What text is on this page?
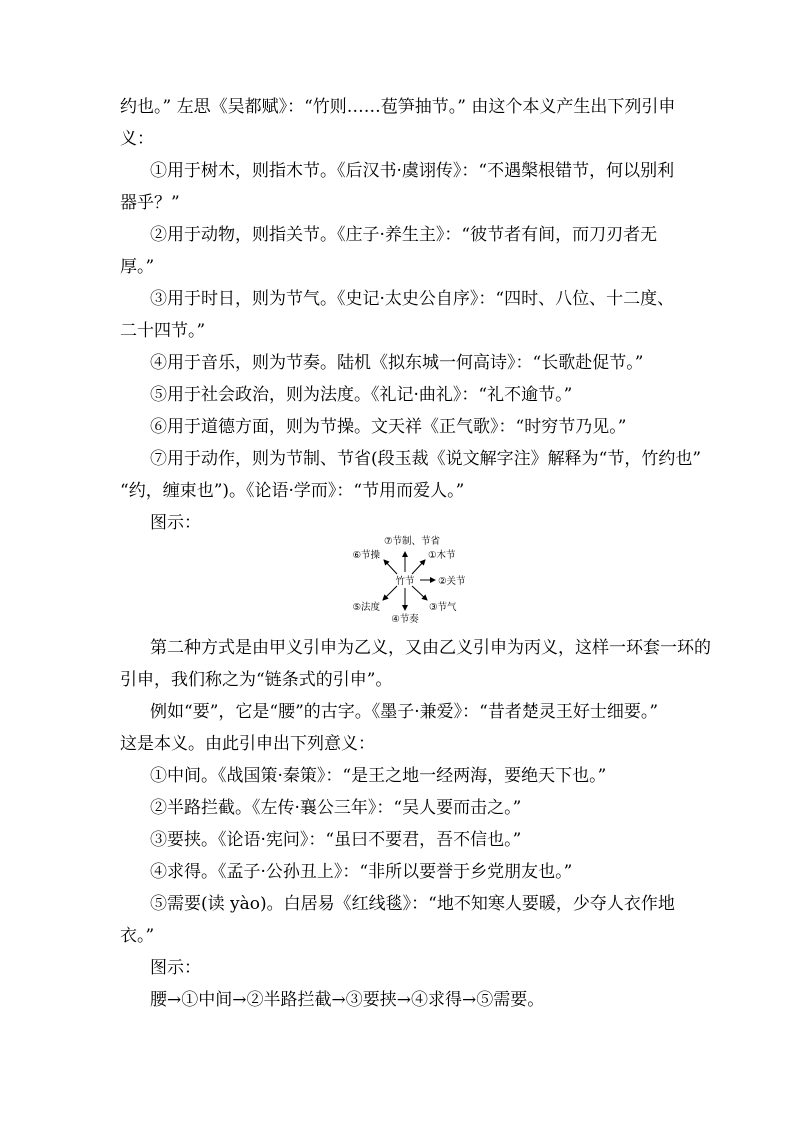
约也。” 左思《吴都赋》：“竹则……苞笋抽节。” 由这个本义产生出下列引申
义：
①用于树木，则指木节。《后汉书·虞诩传》：“不遇槃根错节，何以别利
器乎？”
②用于动物，则指关节。《庄子·养生主》：“彼节者有间，而刀刃者无
厚。”
③用于时日，则为节气。《史记·太史公自序》：“四时、八位、十二度、
二十四节。”
④用于音乐，则为节奏。陆机《拟东城一何高诗》：“长歌赴促节。”
⑤用于社会政治，则为法度。《礼记·曲礼》：“礼不逾节。”
⑥用于道德方面，则为节操。文天祥《正气歌》：“时穷节乃见。”
⑦用于动作，则为节制、节省(段玉裁《说文解字注》解释为“节，竹约也”
“约，缠束也”)。《论语·学而》：“节用而爱人。”
图示：
竹节
⑦节制、节省
①木节
②关节
③节气
④节奏
⑤法度
⑥节操
第二种方式是由甲义引申为乙义，又由乙义引申为丙义，这样一环套一环的
引申，我们称之为“链条式的引申”。
例如“要”，它是“腰”的古字。《墨子·兼爱》：“昔者楚灵王好士细要。”
这是本义。由此引申出下列意义：
①中间。《战国策·秦策》：“是王之地一经两海，要绝天下也。”
②半路拦截。《左传·襄公三年》：“吴人要而击之。”
③要挟。《论语·宪问》：“虽曰不要君，吾不信也。”
④求得。《孟子·公孙丑上》：“非所以要誉于乡党朋友也。”
⑤需要(读 yào)。白居易《红线毯》：“地不知寒人要暖，少夺人衣作地
衣。”
图示：
腰→①中间→②半路拦截→③要挟→④求得→⑤需要。
